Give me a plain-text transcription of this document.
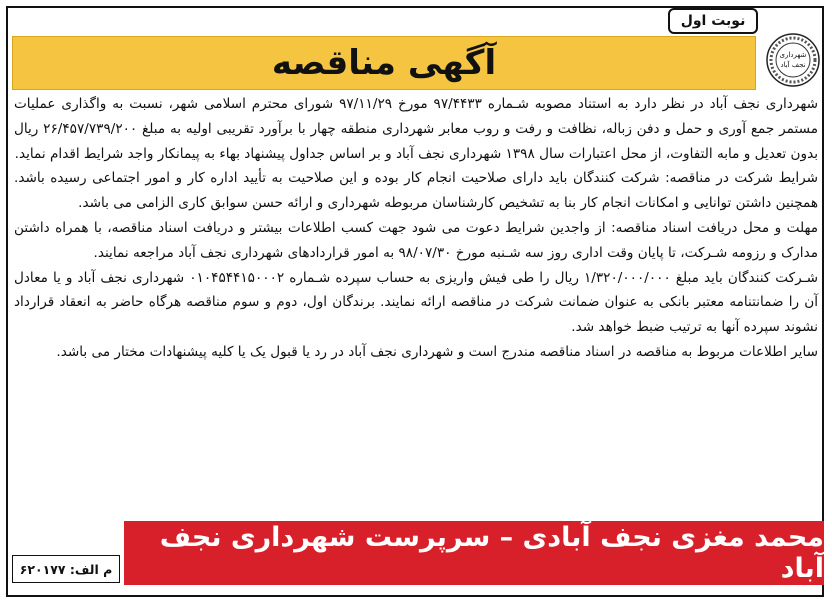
نوبت اول
شهرداری
نجف آباد
آگهی مناقصه

شهرداری نجف آباد در نظر دارد به استناد مصوبه شـماره ۹۷/۴۴۳۳ مورخ ۹۷/۱۱/۲۹ شورای محترم اسلامی شهر، نسبت به واگذاری عملیات مستمر جمع آوری و حمل و دفن زباله، نظافت و رفت و روب معابر شهرداری منطقه چهار با برآورد تقریبی اولیه به مبلغ ۲۶/۴۵۷/۷۳۹/۲۰۰ ریال بدون تعدیل و مابه التفاوت، از محل اعتبارات سال ۱۳۹۸ شهرداری نجف آباد و بر اساس جداول پیشنهاد بهاء به پیمانکار واجد شرایط اقدام نماید.

شرایط شرکت در مناقصه: شرکت کنندگان باید دارای صلاحیت انجام کار بوده و این صلاحیت به تأیید اداره کار و امور اجتماعی رسیده باشد. همچنین داشتن توانایی و امکانات انجام کار بنا به تشخیص کارشناسان مربوطه شهرداری و ارائه حسن سوابق کاری الزامی می باشد.

مهلت و محل دریافت اسناد مناقصه: از واجدین شرایط دعوت می شود جهت کسب اطلاعات بیشتر و دریافت اسناد مناقصه، با همراه داشتن مدارک و رزومه شـرکت، تا پایان وقت اداری روز سه شـنبه مورخ ۹۸/۰۷/۳۰ به امور قراردادهای شهرداری نجف آباد مراجعه نمایند.

شـرکت کنندگان باید مبلغ ۱/۳۲۰/۰۰۰/۰۰۰ ریال را طی فیش واریزی به حساب سپرده شـماره ۰۱۰۴۵۴۴۱۵۰۰۰۲ شهرداری نجف آباد و یا معادل آن را ضمانتنامه معتبر بانکی به عنوان ضمانت شرکت در مناقصه ارائه نمایند. برندگان اول، دوم و سوم مناقصه هرگاه حاضر به انعقاد قرارداد نشوند سپرده آنها به ترتیب ضبط خواهد شد.

سایر اطلاعات مربوط به مناقصه در اسناد مناقصه مندرج است و شهرداری نجف آباد در رد یا قبول یک یا کلیه پیشنهادات مختار می باشد.

م الف: ۶۲۰۱۷۷
محمد مغزی نجف آبادی – سرپرست شهرداری نجف آباد
